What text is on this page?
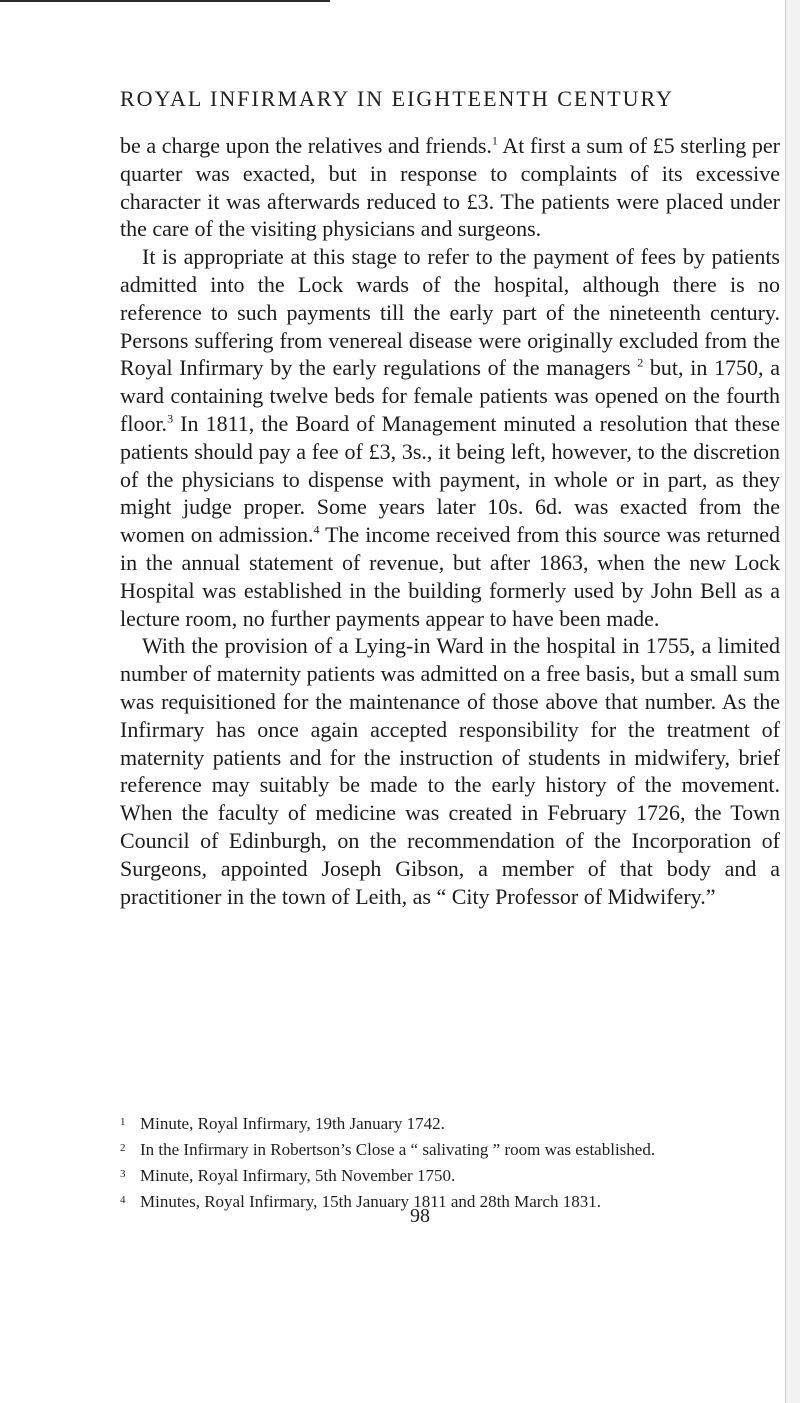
ROYAL INFIRMARY IN EIGHTEENTH CENTURY

be a charge upon the relatives and friends.$^1$ At first a sum of £5 sterling per quarter was exacted, but in response to complaints of its excessive character it was afterwards reduced to £3. The patients were placed under the care of the visiting physicians and surgeons.

It is appropriate at this stage to refer to the payment of fees by patients admitted into the Lock wards of the hospital, although there is no reference to such payments till the early part of the nineteenth century. Persons suffering from venereal disease were originally excluded from the Royal Infirmary by the early regulations of the managers $^2$ but, in 1750, a ward containing twelve beds for female patients was opened on the fourth floor.$^3$ In 1811, the Board of Management minuted a resolution that these patients should pay a fee of £3, 3s., it being left, however, to the discretion of the physicians to dispense with payment, in whole or in part, as they might judge proper. Some years later 10s. 6d. was exacted from the women on admission.$^4$ The income received from this source was returned in the annual statement of revenue, but after 1863, when the new Lock Hospital was established in the building formerly used by John Bell as a lecture room, no further payments appear to have been made.

With the provision of a Lying-in Ward in the hospital in 1755, a limited number of maternity patients was admitted on a free basis, but a small sum was requisitioned for the maintenance of those above that number. As the Infirmary has once again accepted responsibility for the treatment of maternity patients and for the instruction of students in midwifery, brief reference may suitably be made to the early history of the movement. When the faculty of medicine was created in February 1726, the Town Council of Edinburgh, on the recommendation of the Incorporation of Surgeons, appointed Joseph Gibson, a member of that body and a practitioner in the town of Leith, as “ City Professor of Midwifery.”

1 Minute, Royal Infirmary, 19th January 1742.

2 In the Infirmary in Robertson’s Close a “ salivating ” room was established.

3 Minute, Royal Infirmary, 5th November 1750.

4 Minutes, Royal Infirmary, 15th January 1811 and 28th March 1831.

98
